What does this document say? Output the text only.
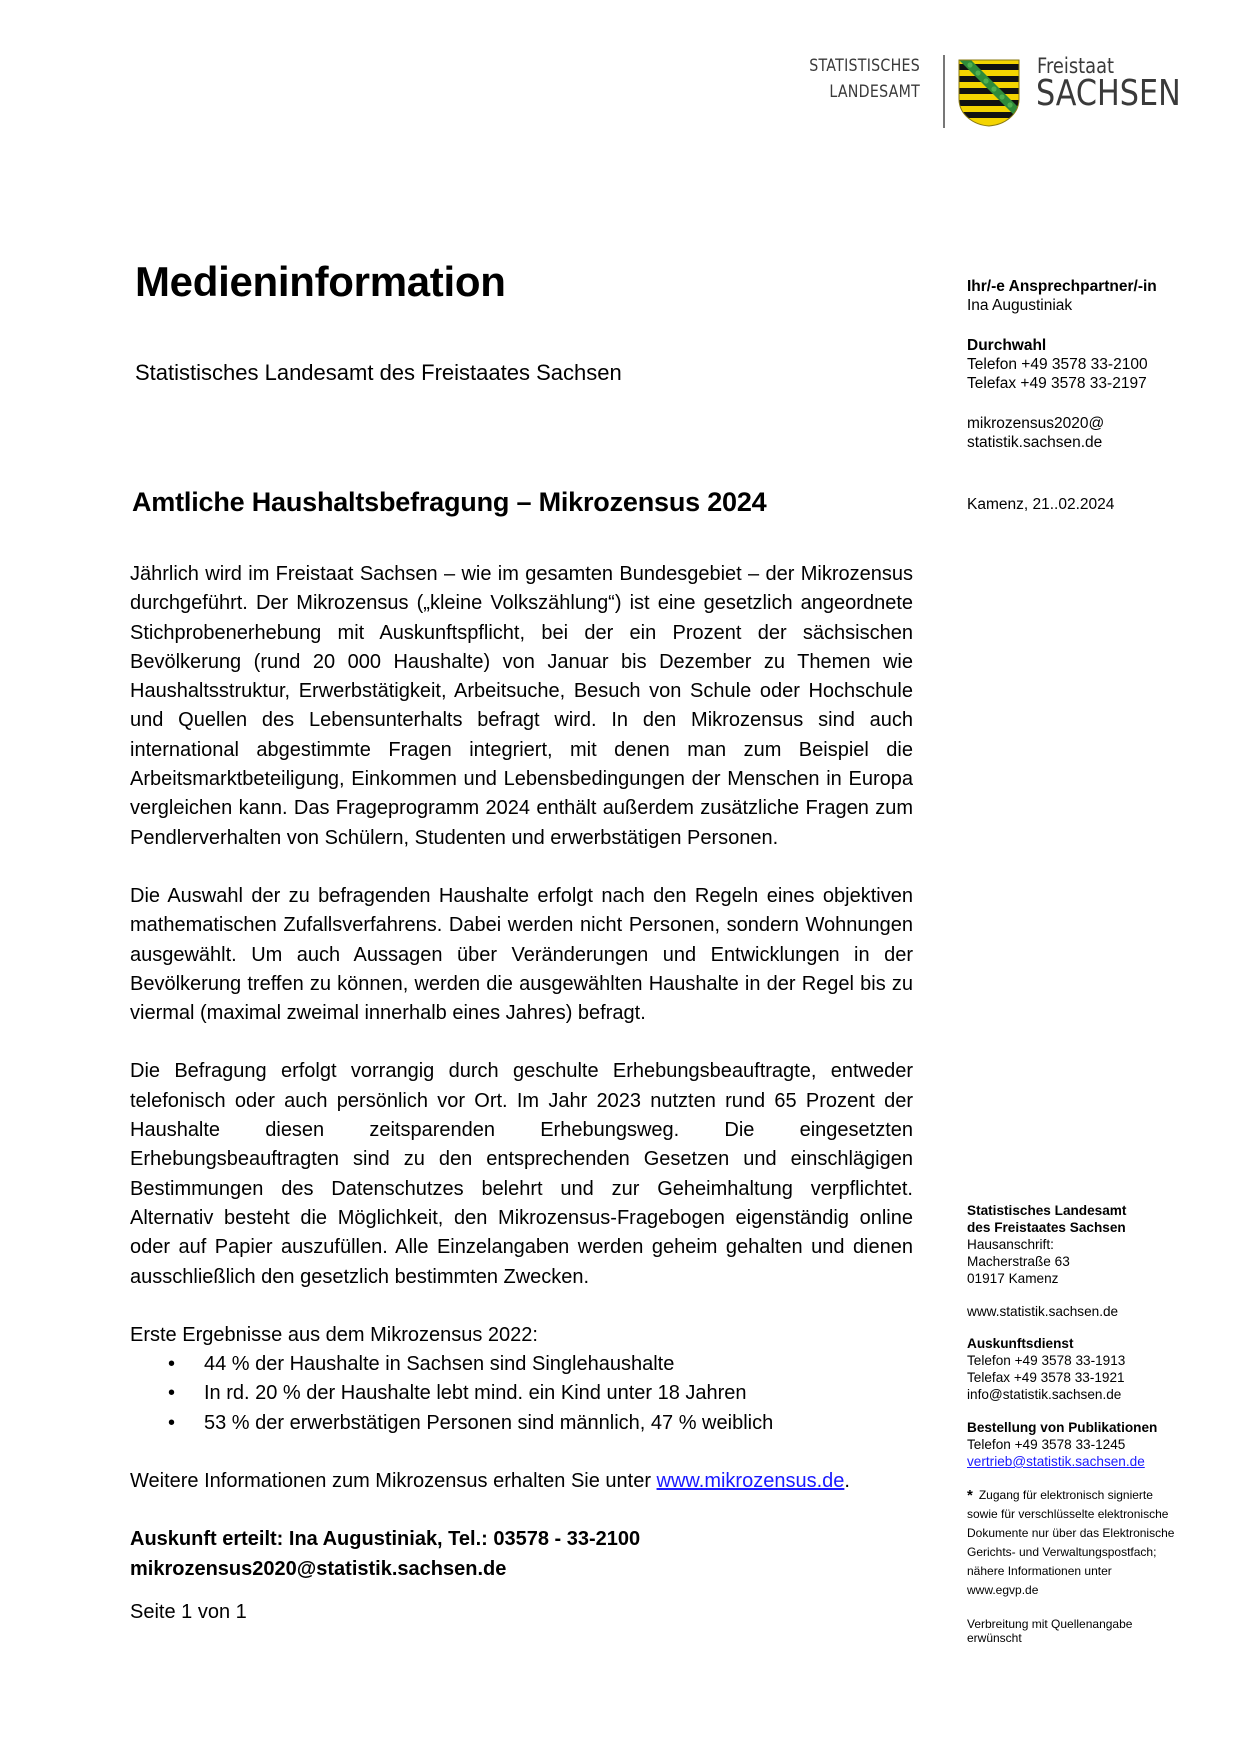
STATISTISCHES
LANDESAMT
Freistaat
SACHSEN
Medieninformation
Statistisches Landesamt des Freistaates Sachsen
Amtliche Haushaltsbefragung – Mikrozensus 2024
Ihr/-e Ansprechpartner/-in
Ina Augustiniak
Durchwahl
Telefon +49 3578 33-2100
Telefax +49 3578 33-2197
mikrozensus2020@
statistik.sachsen.de
Kamenz, 21..02.2024

Jährlich wird im Freistaat Sachsen – wie im gesamten Bundesgebiet – der Mikrozensus durchgeführt. Der Mikrozensus („kleine Volkszählung“) ist eine gesetzlich angeordnete Stichprobenerhebung mit Auskunftspflicht, bei der ein Prozent der sächsischen Bevölkerung (rund 20 000 Haushalte) von Januar bis Dezember zu Themen wie Haushaltsstruktur, Erwerbstätigkeit, Arbeitsuche, Besuch von Schule oder Hochschule und Quellen des Lebensunterhalts befragt wird. In den Mikrozensus sind auch international abgestimmte Fragen integriert, mit denen man zum Beispiel die Arbeitsmarktbeteiligung, Einkommen und Lebensbedingungen der Menschen in Europa vergleichen kann. Das Frageprogramm 2024 enthält außerdem zusätzliche Fragen zum Pendlerverhalten von Schülern, Studenten und erwerbstätigen Personen.

Die Auswahl der zu befragenden Haushalte erfolgt nach den Regeln eines objektiven mathematischen Zufallsverfahrens. Dabei werden nicht Personen, sondern Wohnungen ausgewählt. Um auch Aussagen über Veränderungen und Entwicklungen in der Bevölkerung treffen zu können, werden die ausgewählten Haushalte in der Regel bis zu viermal (maximal zweimal innerhalb eines Jahres) befragt.

Die Befragung erfolgt vorrangig durch geschulte Erhebungsbeauftragte, entweder telefonisch oder auch persönlich vor Ort. Im Jahr 2023 nutzten rund 65 Prozent der Haushalte diesen zeitsparenden Erhebungsweg. Die eingesetzten Erhebungsbeauftragten sind zu den entsprechenden Gesetzen und einschlägigen Bestimmungen des Datenschutzes belehrt und zur Geheimhaltung verpflichtet. Alternativ besteht die Möglichkeit, den Mikrozensus-Fragebogen eigenständig online oder auf Papier auszufüllen. Alle Einzelangaben werden geheim gehalten und dienen ausschließlich den gesetzlich bestimmten Zwecken.

Erste Ergebnisse aus dem Mikrozensus 2022:
• 44 % der Haushalte in Sachsen sind Singlehaushalte
• In rd. 20 % der Haushalte lebt mind. ein Kind unter 18 Jahren
• 53 % der erwerbstätigen Personen sind männlich, 47 % weiblich
Weitere Informationen zum Mikrozensus erhalten Sie unter www.mikrozensus.de.
Auskunft erteilt: Ina Augustiniak, Tel.: 03578 - 33-2100
mikrozensus2020@statistik.sachsen.de
Seite 1 von 1
Statistisches Landesamt
des Freistaates Sachsen
Hausanschrift:
Macherstraße 63
01917 Kamenz
www.statistik.sachsen.de
Auskunftsdienst
Telefon +49 3578 33-1913
Telefax +49 3578 33-1921
info@statistik.sachsen.de
Bestellung von Publikationen
Telefon +49 3578 33-1245
vertrieb@statistik.sachsen.de
* Zugang für elektronisch signierte
sowie für verschlüsselte elektronische
Dokumente nur über das Elektronische
Gerichts- und Verwaltungspostfach;
nähere Informationen unter
www.egvp.de
Verbreitung mit Quellenangabe
erwünscht
